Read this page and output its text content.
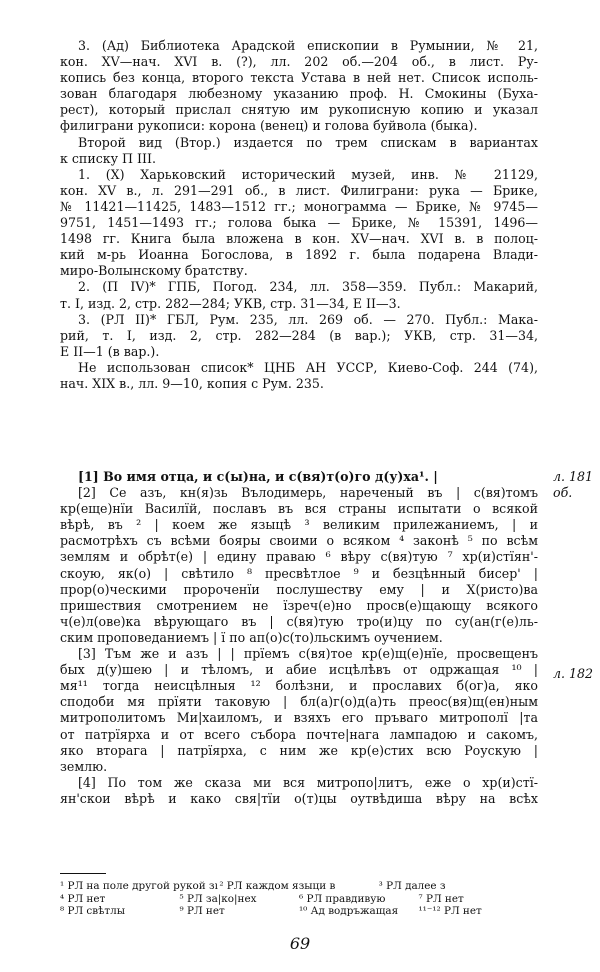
3. (Ад) Библиотека Арадской епископии в Румынии, № 21,
кон. XV—нач. XVI в. (?), лл. 202 об.—204 об., в лист. Ру-
копись без конца, второго текста Устава в ней нет. Список исполь-
зован благодаря любезному указанию проф. Н. Смокины (Буха-
рест), который прислал снятую им рукописную копию и указал
филиграни рукописи: корона (венец) и голова буйвола (быка).
Второй вид (Втор.) издается по трем спискам в вариантах
к списку П III.
1. (X) Харьковский исторический музей, инв. № 21129,
кон. XV в., л. 291—291 об., в лист. Филиграни: рука — Брике,
№ 11421—11425, 1483—1512 гг.; монограмма — Брике, № 9745—
9751, 1451—1493 гг.; голова быка — Брике, № 15391, 1496—
1498 гг. Книга была вложена в кон. XV—нач. XVI в. в полоц-
кий м-рь Иоанна Богослова, в 1892 г. была подарена Влади-
миро-Волынскому братству.
2. (П IV)* ГПБ, Погод. 234, лл. 358—359. Публ.: Макарий,
т. I, изд. 2, стр. 282—284; УКВ, стр. 31—34, Е II—3.
3. (РЛ II)* ГБЛ, Рум. 235, лл. 269 об. — 270. Публ.: Мака-
рий, т. I, изд. 2, стр. 282—284 (в вар.); УКВ, стр. 31—34,
Е II—1 (в вар.).
Не использован список* ЦНБ АН УССР, Киево-Соф. 244 (74),
нач. XIX в., лл. 9—10, копия с Рум. 235.
[1] Во имя отца, и с(ы)на, и с(вя)т(о)го д(у)ха¹. |
[2] Се азъ, кн(я)зь Вълодимерь, нареченый въ | с(вя)томъ
кр(еще)нїи Василїй, пославъ въ вся страны испытати о всякой
вѣрѣ, въ ² | коем же языцѣ ³ великим прилежаниемъ, | и
расмотрѣхъ съ всѣми бояры своими о всяком ⁴ законѣ ⁵ по всѣм
землям и обрѣт(е) | едину праваю ⁶ вѣру с(вя)тую ⁷ хр(и)стїян'-
скоую, як(о) | свѣтило ⁸ пресвѣтлое ⁹ и безцѣнный бисер' |
прор(о)ческими пророченїи послушеству ему | и Х(ристо)ва
пришествия смотрением не їзреч(е)но просв(е)щающу всякого
ч(е)л(ове)ка вѣрующаго въ | с(вя)тую тро(и)цу по су(ан(г(е)ль-
ским проповеданиемъ | ї по ап(о)с(то)льскимъ оучением.
[3] Тъм же и азъ | | прїемъ с(вя)тое кр(е)щ(е)нїе, просвещенъ
бых д(у)шею | и тѣломъ, и абие исцѣлѣвъ от одржащая ¹⁰ |
мя¹¹ тогда неисцѣлныя ¹² болѣзни, и прославих б(ог)а, яко
сподоби мя прїяти таковую | бл(а)г(о)д(а)ть преос(вя)щ(ен)ным
митрополитомъ Ми|хаиломъ, и взяхъ его пръваго митрополї |та
от патрїярха и от всего събора почте|нага лампадою и сакомъ,
яко вторага | патрїярха, с ним же кр(е)стих всю Роускую |
землю.
[4] По том же сказа ми вся митропо|литъ, еже о хр(и)стї-
ян'скои вѣрѣ и како свя|тїи о(т)цы оутвѣдиша вѣру на всѣх
л. 181
об.
л. 182
¹ РЛ на поле другой рукой зı ² РЛ каждом языци в	³ РЛ далее з
⁴ РЛ нет	⁵ РЛ за|ко|нех	⁶ РЛ правдивую	⁷ РЛ нет
⁸ РЛ свѣтлы	⁹ РЛ нет	¹⁰ Ад водръжащая	¹¹⁻¹² РЛ нет
69
